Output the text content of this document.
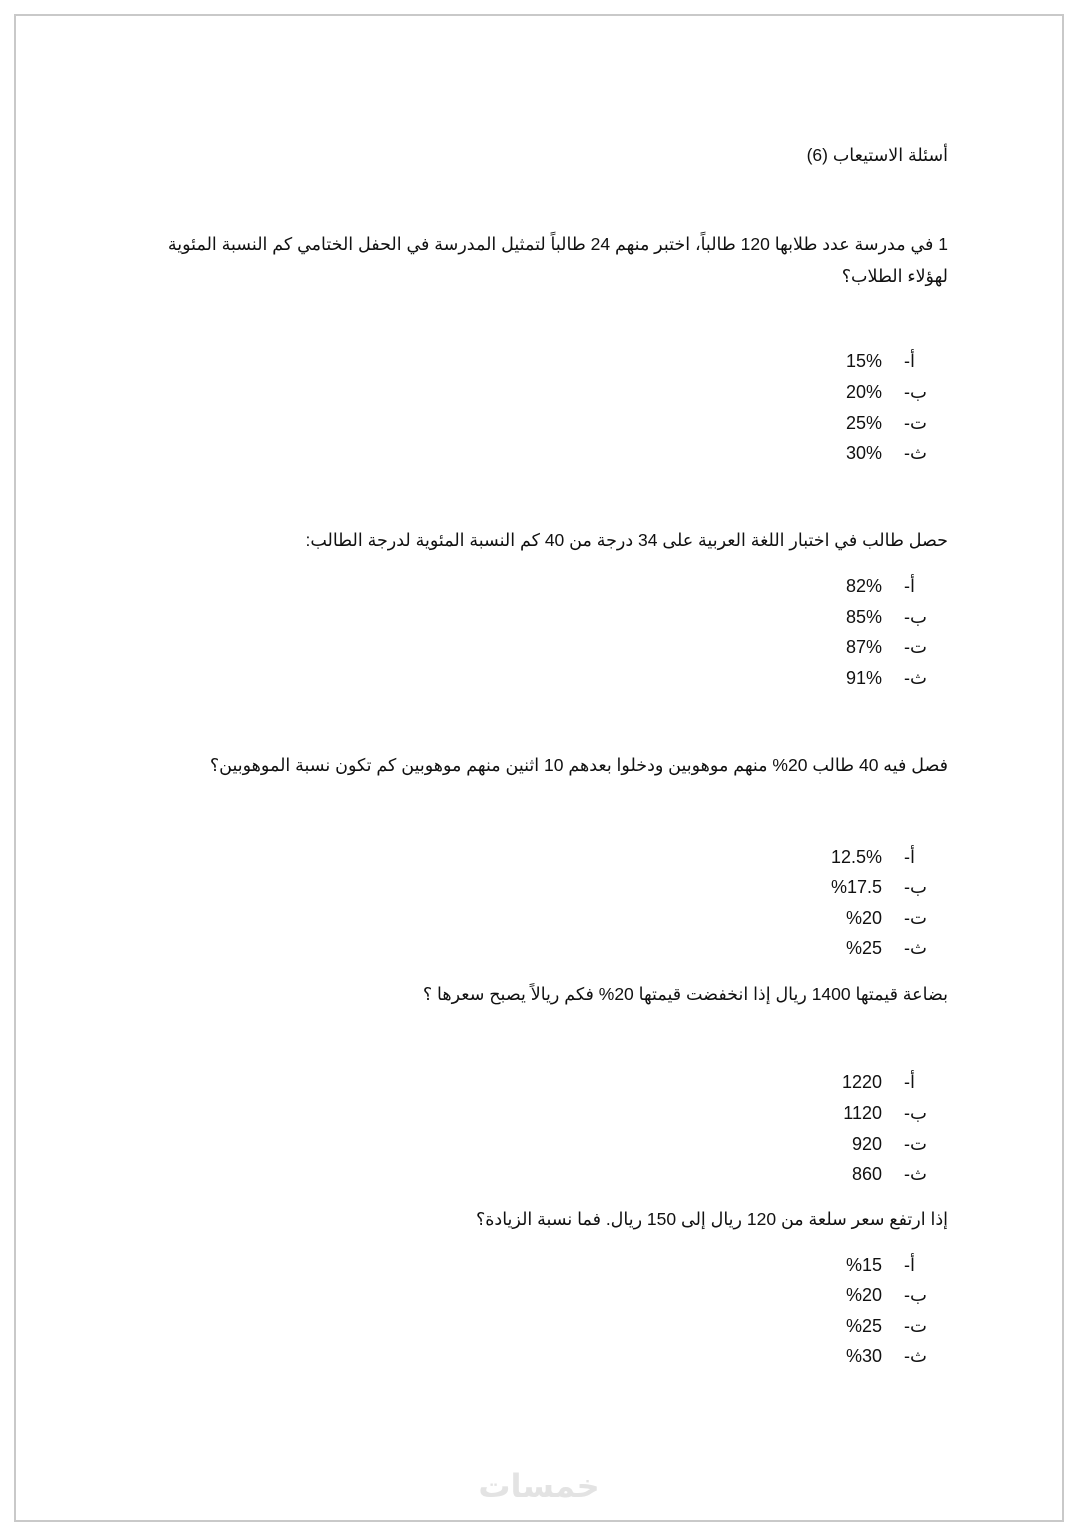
أسئلة الاستيعاب (6)
1 في مدرسة عدد طلابها 120 طالباً، اختبر منهم 24 طالباً لتمثيل المدرسة في الحفل الختامي كم النسبة المئوية لهؤلاء الطلاب؟
أ-
15%
ب-
20%
ت-
25%
ث-
30%
حصل طالب في اختبار اللغة العربية على 34 درجة من 40 كم النسبة المئوية لدرجة الطالب:
أ-
82%
ب-
85%
ت-
87%
ث-
91%
فصل فيه 40 طالب 20% منهم موهوبين ودخلوا بعدهم 10 اثنين منهم موهوبين كم تكون نسبة الموهوبين؟
أ-
12.5%
ب-
%17.5
ت-
%20
ث-
%25
بضاعة قيمتها 1400 ريال إذا انخفضت قيمتها 20% فكم ريالاً يصبح سعرها ؟
أ-
1220
ب-
1120
ت-
920
ث-
860
إذا ارتفع سعر سلعة من 120 ريال إلى 150 ريال. فما نسبة الزيادة؟
أ-
%15
ب-
%20
ت-
%25
ث-
%30
خمسات
